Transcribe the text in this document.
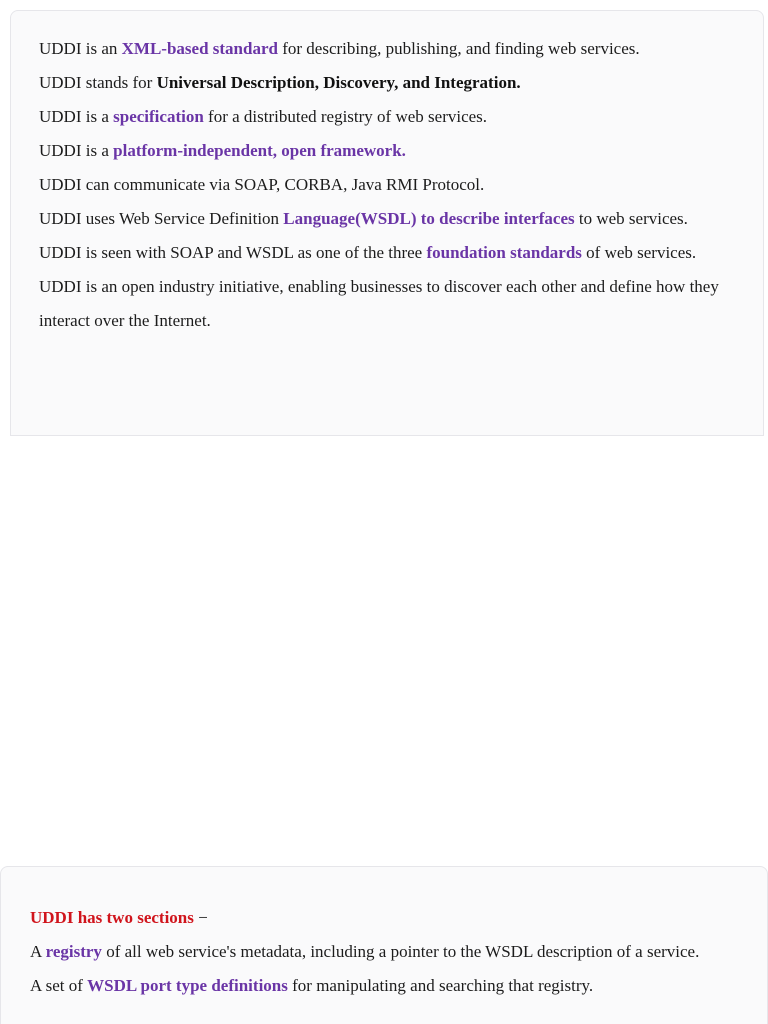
UDDI is an XML-based standard for describing, publishing, and finding web services.
UDDI stands for Universal Description, Discovery, and Integration.
UDDI is a specification for a distributed registry of web services.
UDDI is a platform-independent, open framework.
UDDI can communicate via SOAP, CORBA, Java RMI Protocol.
UDDI uses Web Service Definition Language(WSDL) to describe interfaces to web services.
UDDI is seen with SOAP and WSDL as one of the three foundation standards of web services.
UDDI is an open industry initiative, enabling businesses to discover each other and define how they interact over the Internet.
UDDI has two sections −
A registry of all web service's metadata, including a pointer to the WSDL description of a service.
A set of WSDL port type definitions for manipulating and searching that registry.
